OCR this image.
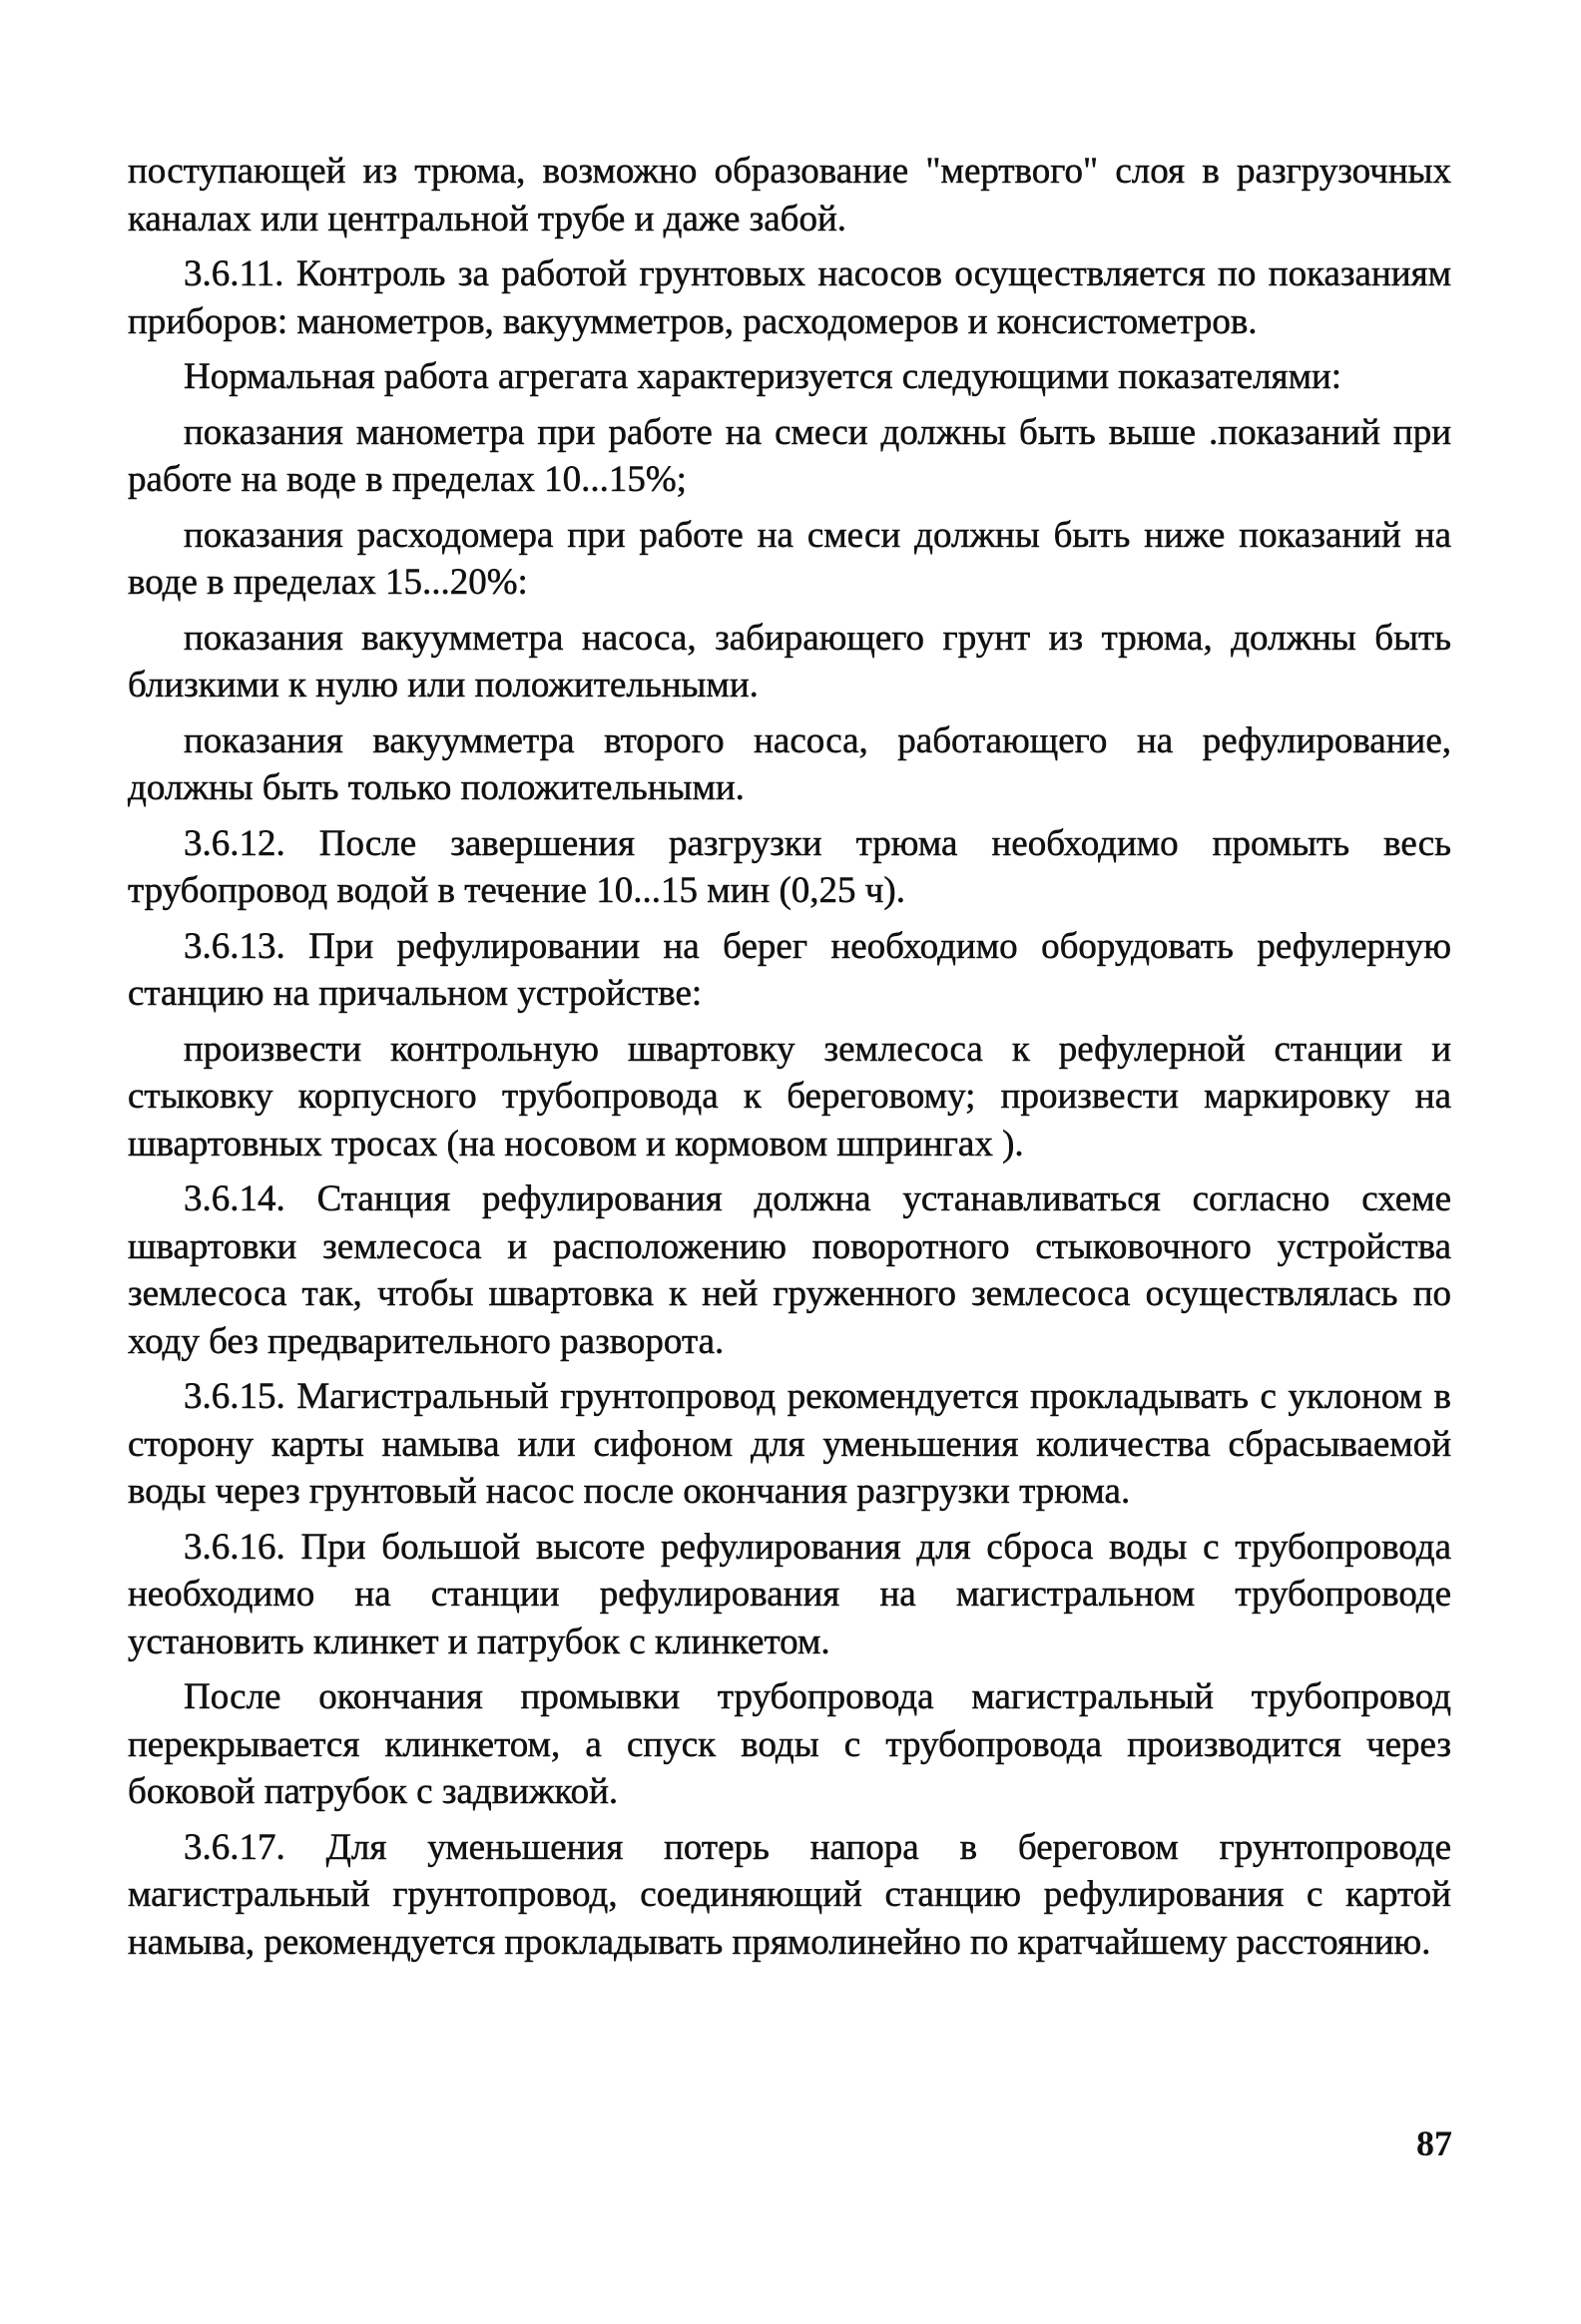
поступающей из трюма, возможно образование "мертвого" слоя в разгрузочных каналах или центральной трубе и даже забой.

3.6.11. Контроль за работой грунтовых насосов осуществляется по показаниям приборов: манометров, вакуумметров, расходомеров и консистометров.

Нормальная работа агрегата характеризуется следующими показателями:

показания манометра при работе на смеси должны быть выше .показаний при работе на воде в пределах 10...15%;

показания расходомера при работе на смеси должны быть ниже показаний на воде в пределах 15...20%:

показания вакуумметра насоса, забирающего грунт из трюма, должны быть близкими к нулю или положительными.

показания вакуумметра второго насоса, работающего на рефулирование, должны быть только положительными.

3.6.12. После завершения разгрузки трюма необходимо промыть весь трубопровод водой в течение 10...15 мин (0,25 ч).

3.6.13. При рефулировании на берег необходимо оборудовать рефулерную станцию на причальном устройстве:

произвести контрольную швартовку землесоса к рефулерной станции и стыковку корпусного трубопровода к береговому; произвести маркировку на швартовных тросах (на носовом и кормовом шпрингах ).

3.6.14. Станция рефулирования должна устанавливаться согласно схеме швартовки землесоса и расположению поворотного стыковочного устройства землесоса так, чтобы швартовка к ней груженного землесоса осуществлялась по ходу без предварительного разворота.

3.6.15. Магистральный грунтопровод рекомендуется прокладывать с уклоном в сторону карты намыва или сифоном для уменьшения количества сбрасываемой воды через грунтовый насос после окончания разгрузки трюма.

3.6.16. При большой высоте рефулирования для сброса воды с трубопровода необходимо на станции рефулирования на магистральном трубопроводе установить клинкет и патрубок с клинкетом.

После окончания промывки трубопровода магистральный трубопровод перекрывается клинкетом, а спуск воды с трубопровода производится через боковой патрубок с задвижкой.

3.6.17. Для уменьшения потерь напора в береговом грунтопроводе магистральный грунтопровод, соединяющий станцию рефулирования с картой намыва, рекомендуется прокладывать прямолинейно по кратчайшему расстоянию.

87
